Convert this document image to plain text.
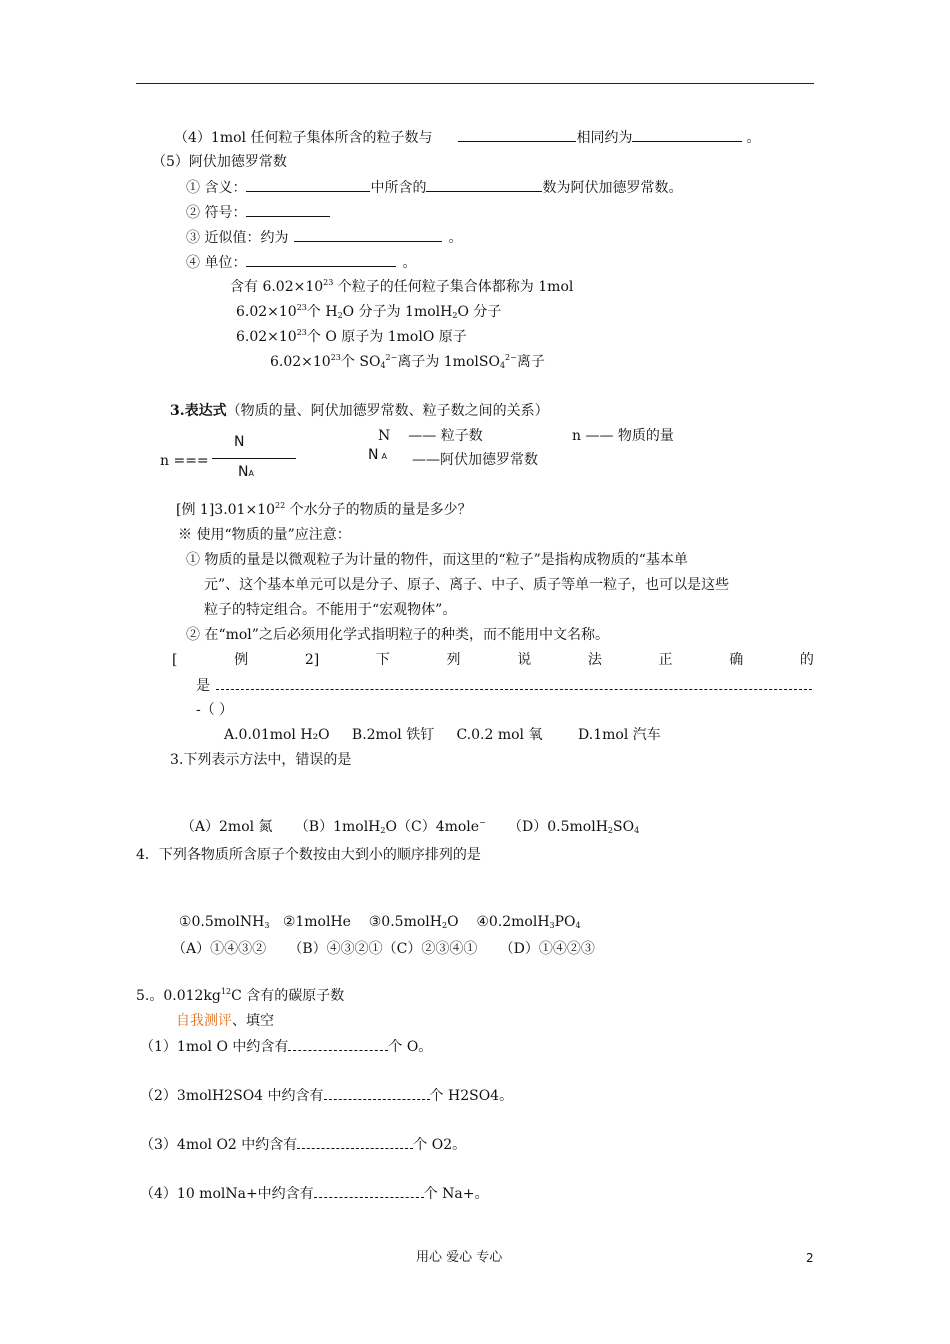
（4）1mol 任何粒子集体所含的粒子数与	相同约为	。
（5）阿伏加德罗常数
① 含义：	中所含的	数为阿伏加德罗常数。
② 符号：
③ 近似值：约为	。
④ 单位：	。
含有 $6.02\times 10^{23}$ 个粒子的任何粒子集合体都称为 1mol
$6.02\times 10^{23}$个 $H_2O$ 分子为 1molH$_2$O 分子
$6.02\times 10^{23}$个 O 原子为 1molO 原子
$6.02\times 10^{23}$个 $SO_4^{2-}$离子为 1molSO$_4^{2-}$离子
3.表达式（物质的量、阿伏加德罗常数、粒子数之间的关系）
N
n ===
NA
N —— 粒子数	n —— 物质的量
N A ——阿伏加德罗常数
[例 $1]3.01\times 10^{22}$ 个水分子的物质的量是多少？
※ 使用“物质的量”应注意：
① 物质的量是以微观粒子为计量的物件，而这里的“粒子”是指构成物质的“基本单
元”、这个基本单元可以是分子、原子、离子、中子、质子等单一粒子，也可以是这些
粒子的特定组合。不能用于“宏观物体”。
② 在“mol”之后必须用化学式指明粒子的种类，而不能用中文名称。
[	例	2]	下	列	说	法	正	确	的
是
-（ ）
A.0.01mol H₂O     B.2mol 铁钉     C.0.2 mol 氧        D.1mol 汽车
3.下列表示方法中，错误的是

（A）2mol 氮     （B）1molH$_2$O（C）4mole−     $(D)0.5molH_2SO_4$

4．下列各物质所含原子个数按由大到小的顺序排列的是

①0.5molNH$_3$   ②1molHe    ③0.5molH$_2$O    $④0.2molH_3PO_4$

（A）①④③②     （B）④③②①（C）②③④①     （D）①④②③
5.。$0.012kg^{12}C$ 含有的碳原子数
自我测评、填空
（1）1mol O 中约含有	个 O。
（2）3molH2SO4 中约含有	个 H2SO4。
（3）4mol O2 中约含有	个 O2。
（4）10 molNa+中约含有	个 Na+。
用心 爱心 专心	2
